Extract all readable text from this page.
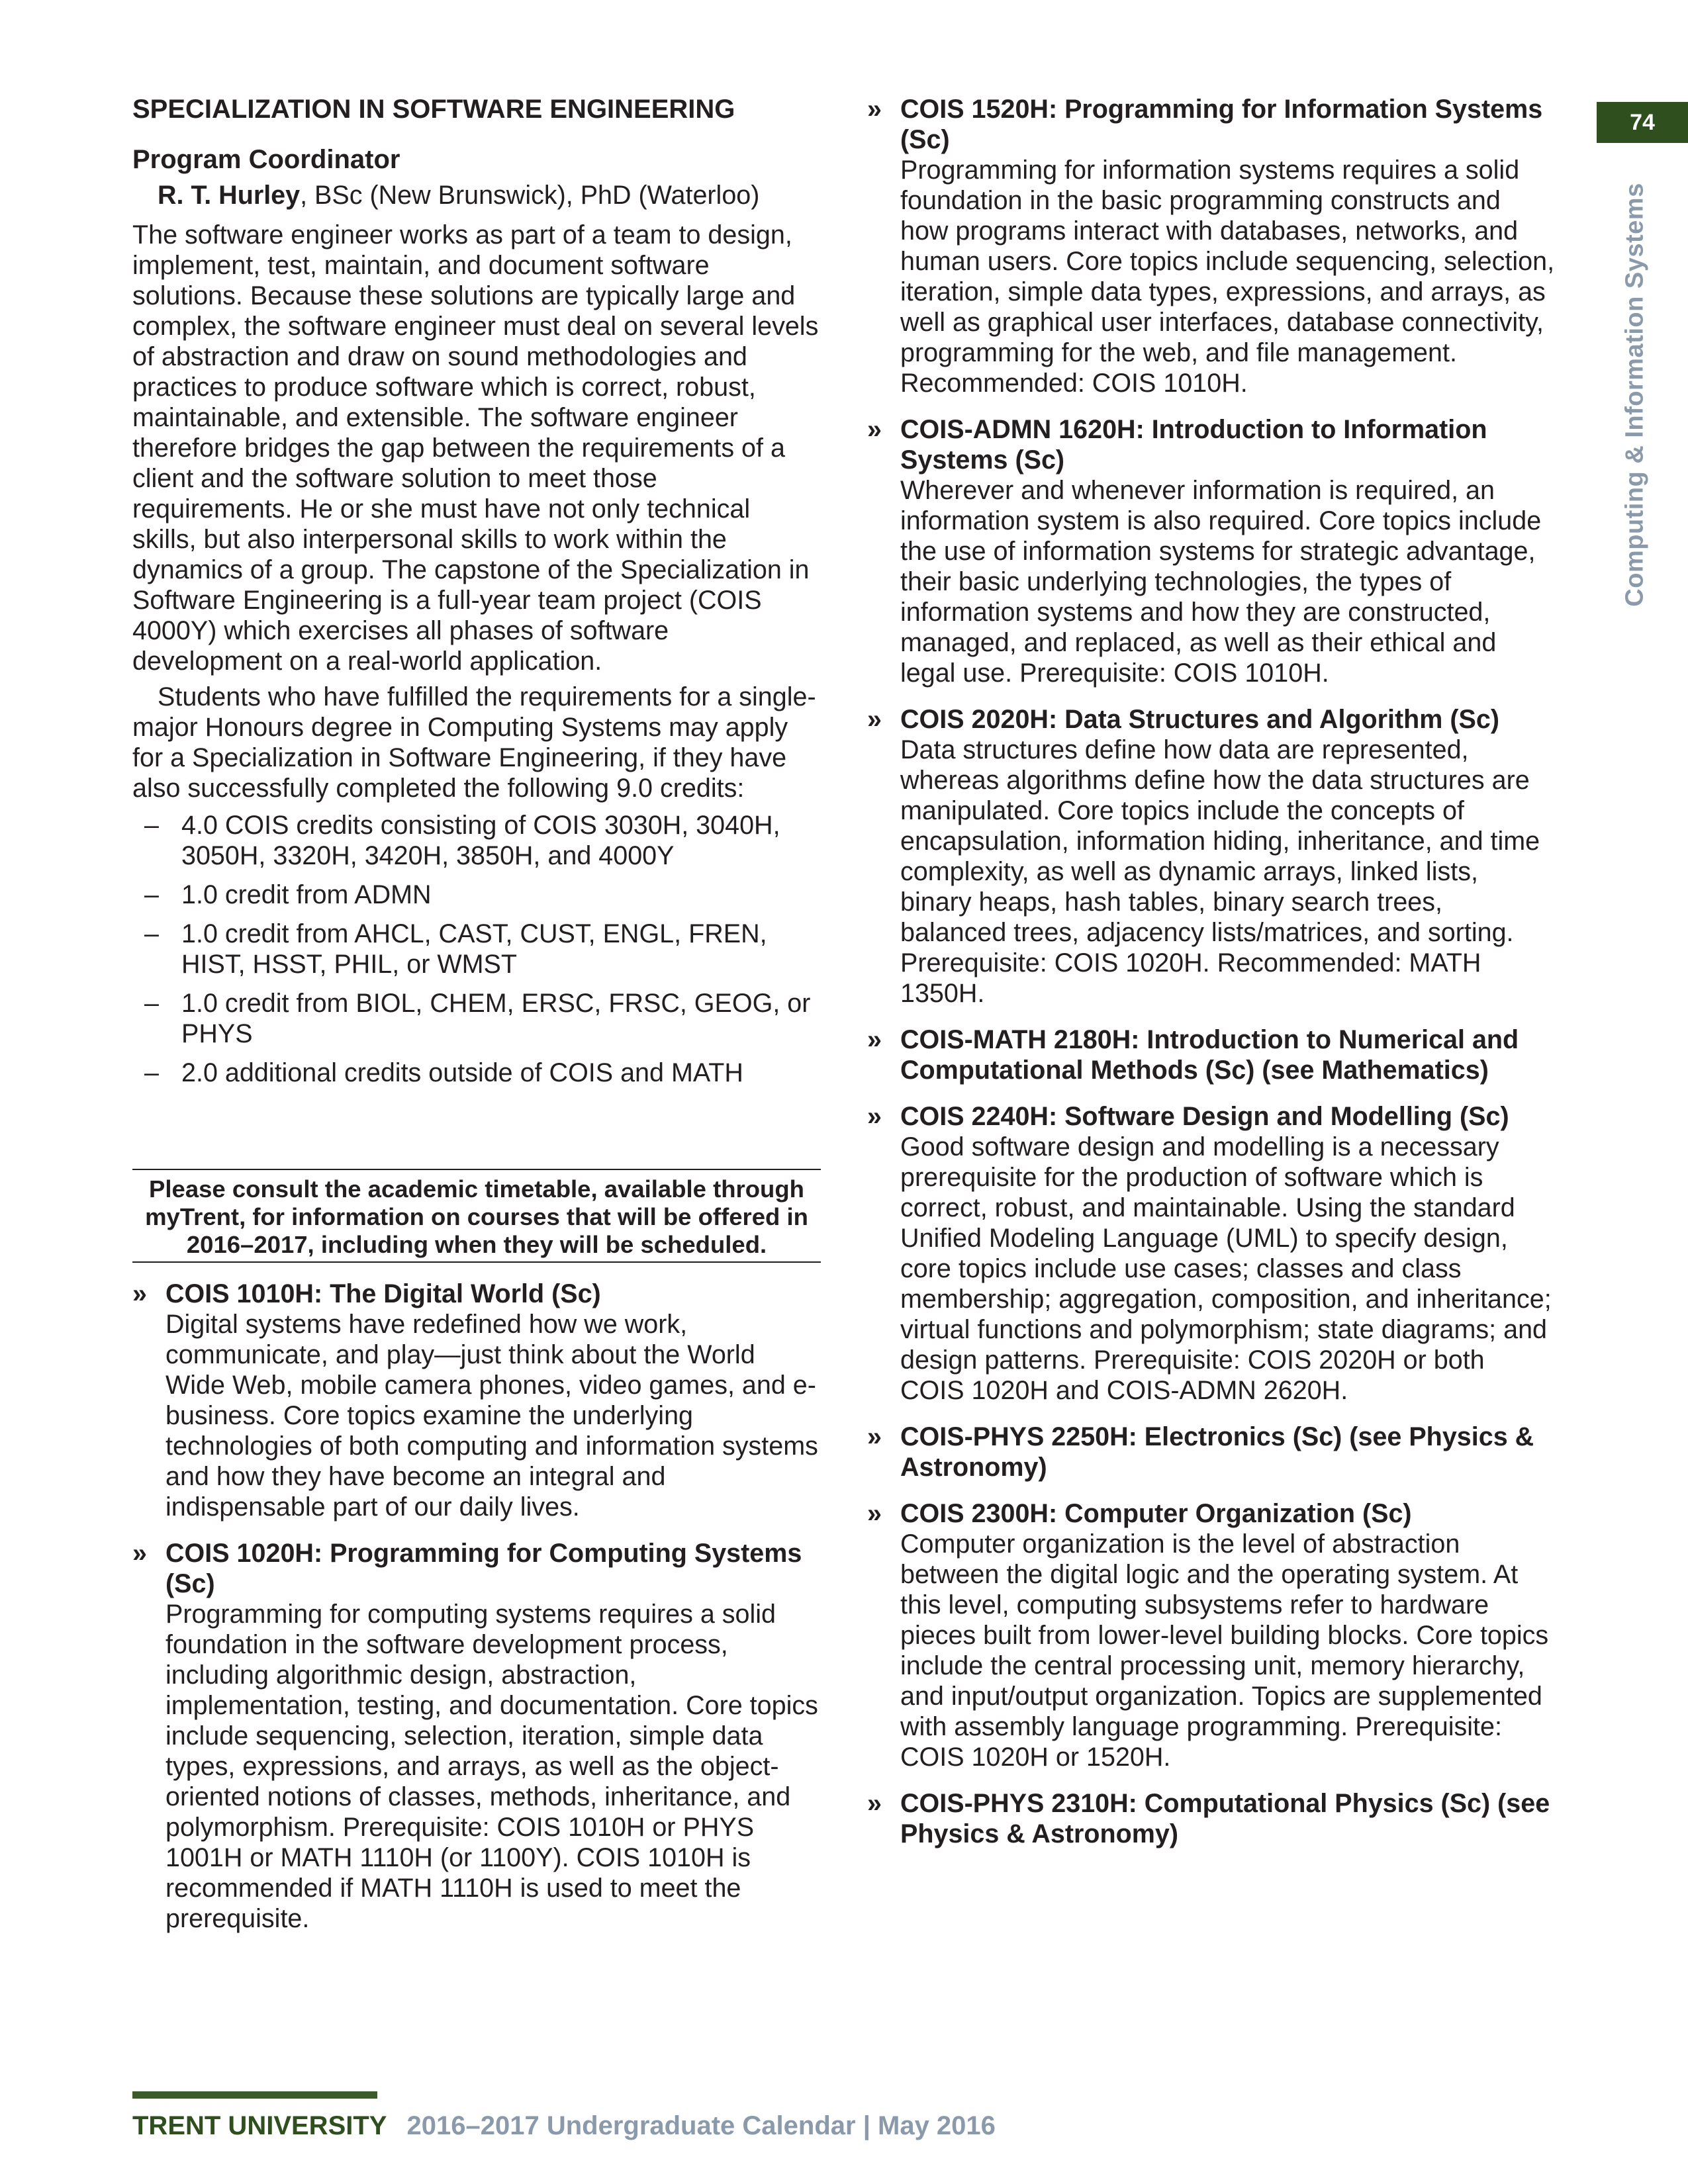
SPECIALIZATION IN SOFTWARE ENGINEERING
Program Coordinator
R. T. Hurley, BSc (New Brunswick), PhD (Waterloo)

The software engineer works as part of a team to design, implement, test, maintain, and document software solutions. Because these solutions are typically large and complex, the software engineer must deal on several levels of abstraction and draw on sound methodologies and practices to produce software which is correct, robust, maintainable, and extensible. The software engineer therefore bridges the gap between the requirements of a client and the software solution to meet those requirements. He or she must have not only technical skills, but also interpersonal skills to work within the dynamics of a group. The capstone of the Specialization in Software Engineering is a full-year team project (COIS 4000Y) which exercises all phases of software development on a real-world application.

Students who have fulfilled the requirements for a single-major Honours degree in Computing Systems may apply for a Specialization in Software Engineering, if they have also successfully completed the following 9.0 credits:

– 4.0 COIS credits consisting of COIS 3030H, 3040H, 3050H, 3320H, 3420H, 3850H, and 4000Y
– 1.0 credit from ADMN
– 1.0 credit from AHCL, CAST, CUST, ENGL, FREN, HIST, HSST, PHIL, or WMST
– 1.0 credit from BIOL, CHEM, ERSC, FRSC, GEOG, or PHYS
– 2.0 additional credits outside of COIS and MATH
Please consult the academic timetable, available through myTrent, for information on courses that will be offered in 2016–2017, including when they will be scheduled.
» COIS 1010H: The Digital World (Sc)

Digital systems have redefined how we work, communicate, and play—just think about the World Wide Web, mobile camera phones, video games, and e-business. Core topics examine the underlying technologies of both computing and information systems and how they have become an integral and indispensable part of our daily lives.

» COIS 1020H: Programming for Computing Systems (Sc)

Programming for computing systems requires a solid foundation in the software development process, including algorithmic design, abstraction, implementation, testing, and documentation. Core topics include sequencing, selection, iteration, simple data types, expressions, and arrays, as well as the object-oriented notions of classes, methods, inheritance, and polymorphism. Prerequisite: COIS 1010H or PHYS 1001H or MATH 1110H (or 1100Y). COIS 1010H is recommended if MATH 1110H is used to meet the prerequisite.

» COIS 1520H: Programming for Information Systems (Sc)

Programming for information systems requires a solid foundation in the basic programming constructs and how programs interact with databases, networks, and human users. Core topics include sequencing, selection, iteration, simple data types, expressions, and arrays, as well as graphical user interfaces, database connectivity, programming for the web, and file management. Recommended: COIS 1010H.

» COIS-ADMN 1620H: Introduction to Information Systems (Sc)

Wherever and whenever information is required, an information system is also required. Core topics include the use of information systems for strategic advantage, their basic underlying technologies, the types of information systems and how they are constructed, managed, and replaced, as well as their ethical and legal use. Prerequisite: COIS 1010H.

» COIS 2020H: Data Structures and Algorithm (Sc)

Data structures define how data are represented, whereas algorithms define how the data structures are manipulated. Core topics include the concepts of encapsulation, information hiding, inheritance, and time complexity, as well as dynamic arrays, linked lists, binary heaps, hash tables, binary search trees, balanced trees, adjacency lists/matrices, and sorting. Prerequisite: COIS 1020H. Recommended: MATH 1350H.

» COIS-MATH 2180H: Introduction to Numerical and Computational Methods (Sc) (see Mathematics)
» COIS 2240H: Software Design and Modelling (Sc)

Good software design and modelling is a necessary prerequisite for the production of software which is correct, robust, and maintainable. Using the standard Unified Modeling Language (UML) to specify design, core topics include use cases; classes and class membership; aggregation, composition, and inheritance; virtual functions and polymorphism; state diagrams; and design patterns. Prerequisite: COIS 2020H or both COIS 1020H and COIS-ADMN 2620H.

» COIS-PHYS 2250H: Electronics (Sc) (see Physics & Astronomy)
» COIS 2300H: Computer Organization (Sc)

Computer organization is the level of abstraction between the digital logic and the operating system. At this level, computing subsystems refer to hardware pieces built from lower-level building blocks. Core topics include the central processing unit, memory hierarchy, and input/output organization. Topics are supplemented with assembly language programming. Prerequisite: COIS 1020H or 1520H.

» COIS-PHYS 2310H: Computational Physics (Sc) (see Physics & Astronomy)
74
Computing & Information Systems
TRENT UNIVERSITY 2016–2017 Undergraduate Calendar | May 2016
